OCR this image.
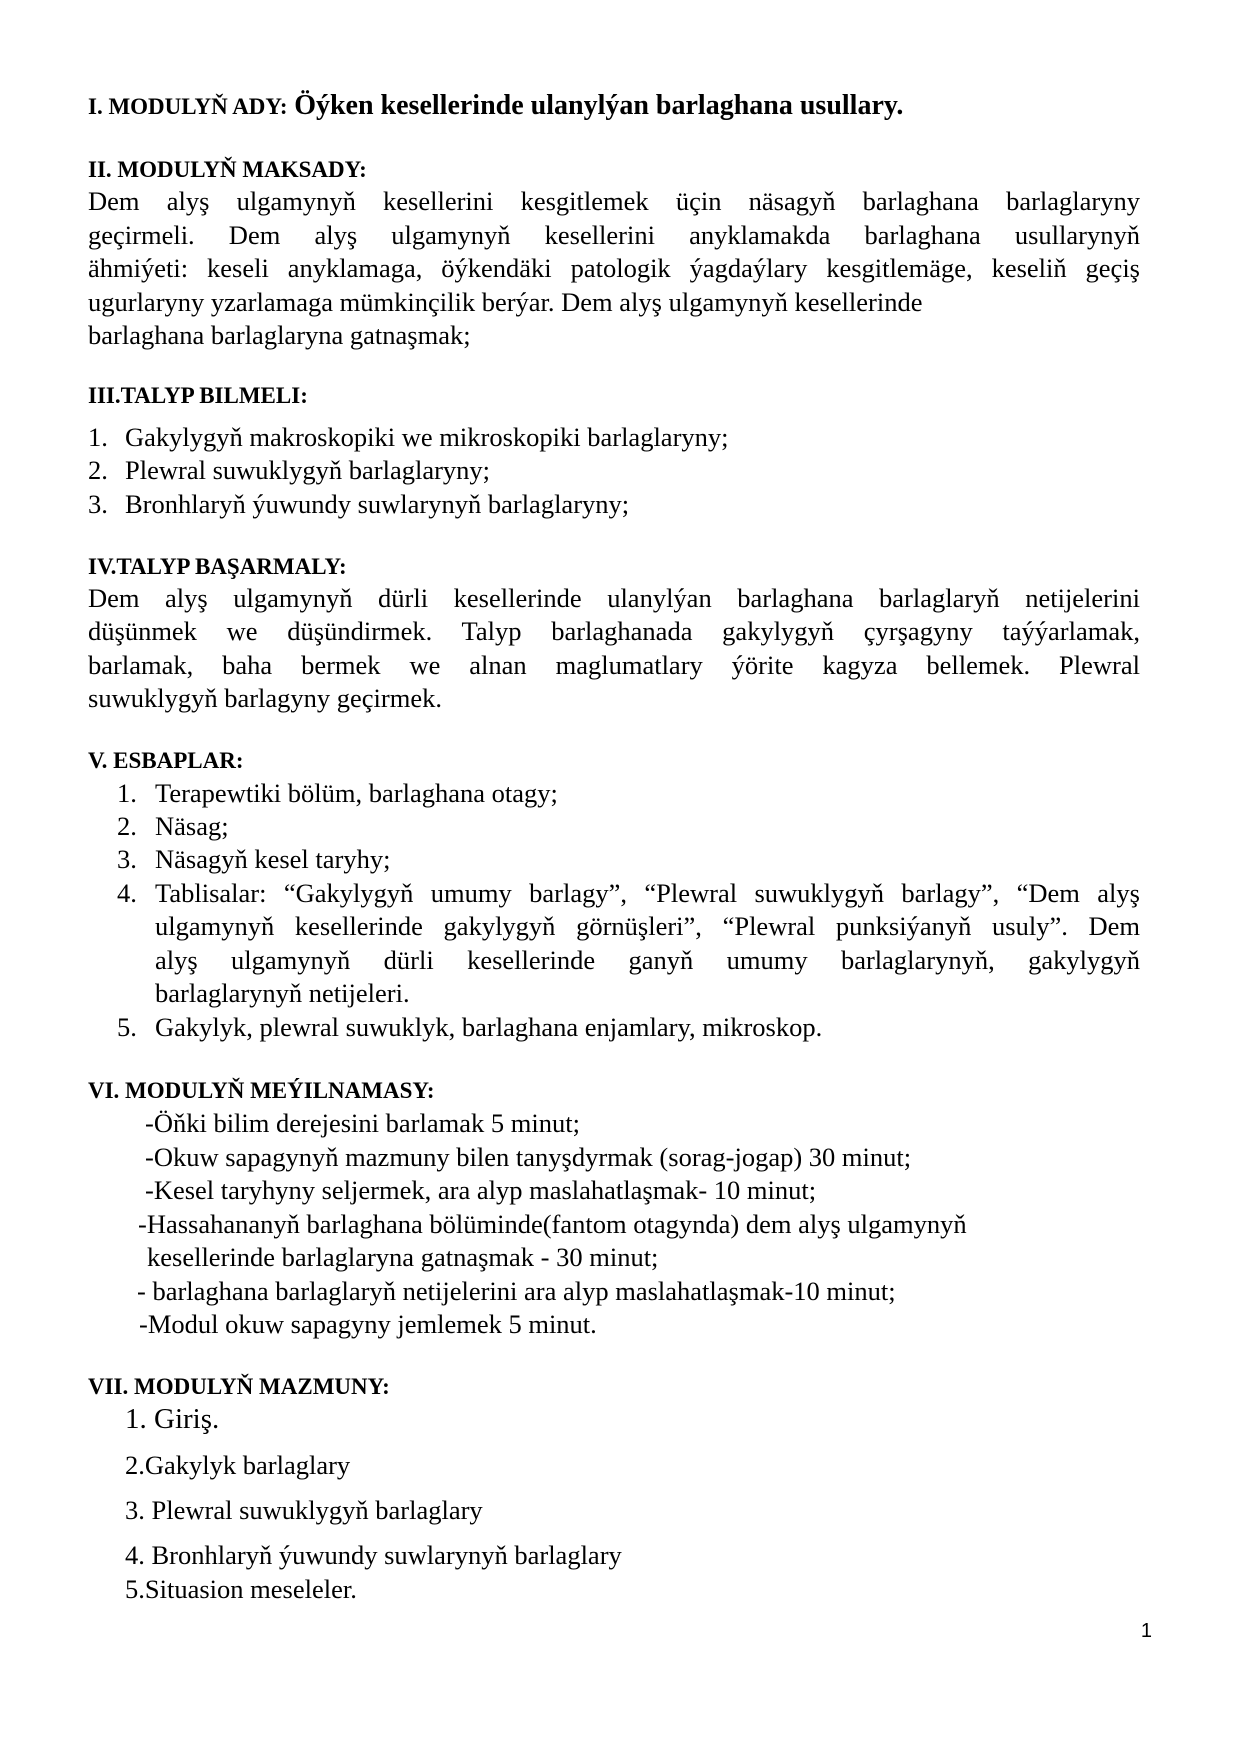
I. MODULYŇ ADY: Öýken kesellerinde ulanylýan barlaghana usullary.

II. MODULYŇ MAKSADY:

Dem alyş ulgamynyň kesellerini kesgitlemek üçin näsagyň barlaghana barlaglaryny

geçirmeli. Dem alyş ulgamynyň kesellerini anyklamakda barlaghana usullarynyň

ähmiýeti: keseli anyklamaga, öýkendäki patologik ýagdaýlary kesgitlemäge, keseliň geçiş

ugurlaryny yzarlamaga mümkinçilik berýar. Dem alyş ulgamynyň kesellerinde

barlaghana barlaglaryna gatnaşmak;

III.TALYP BILMELI:

1. Gakylygyň makroskopiki we mikroskopiki barlaglaryny;

2. Plewral suwuklygyň barlaglaryny;

3. Bronhlaryň ýuwundy suwlarynyň barlaglaryny;

IV.TALYP BAŞARMALY:

Dem alyş ulgamynyň dürli kesellerinde ulanylýan barlaghana barlaglaryň netijelerini

düşünmek we düşündirmek. Talyp barlaghanada gakylygyň çyrşagyny taýýarlamak,

barlamak, baha bermek we alnan maglumatlary ýörite kagyza bellemek. Plewral

suwuklygyň barlagyny geçirmek.

V. ESBAPLAR:

1. Terapewtiki bölüm, barlaghana otagy;

2. Näsag;

3. Näsagyň kesel taryhy;

4. Tablisalar: “Gakylygyň umumy barlagy”, “Plewral suwuklygyň barlagy”, “Dem alyş

ulgamynyň kesellerinde gakylygyň görnüşleri”, “Plewral punksiýanyň usuly”. Dem

alyş ulgamynyň dürli kesellerinde ganyň umumy barlaglarynyň, gakylygyň

barlaglarynyň netijeleri.

5. Gakylyk, plewral suwuklyk, barlaghana enjamlary, mikroskop.

VI. MODULYŇ MEÝILNAMASY:

-Öňki bilim derejesini barlamak 5 minut;

-Okuw sapagynyň mazmuny bilen tanyşdyrmak (sorag-jogap) 30 minut;

-Kesel taryhyny seljermek, ara alyp maslahatlaşmak- 10 minut;

-Hassahananyň barlaghana bölüminde(fantom otagynda) dem alyş ulgamynyň

kesellerinde barlaglaryna gatnaşmak - 30 minut;

- barlaghana barlaglaryň netijelerini ara alyp maslahatlaşmak-10 minut;

-Modul okuw sapagyny jemlemek 5 minut.

VII. MODULYŇ MAZMUNY:

1. Giriş.

2.Gakylyk barlaglary

3. Plewral suwuklygyň barlaglary

4. Bronhlaryň ýuwundy suwlarynyň barlaglary

5.Situasion meseleler.

1
